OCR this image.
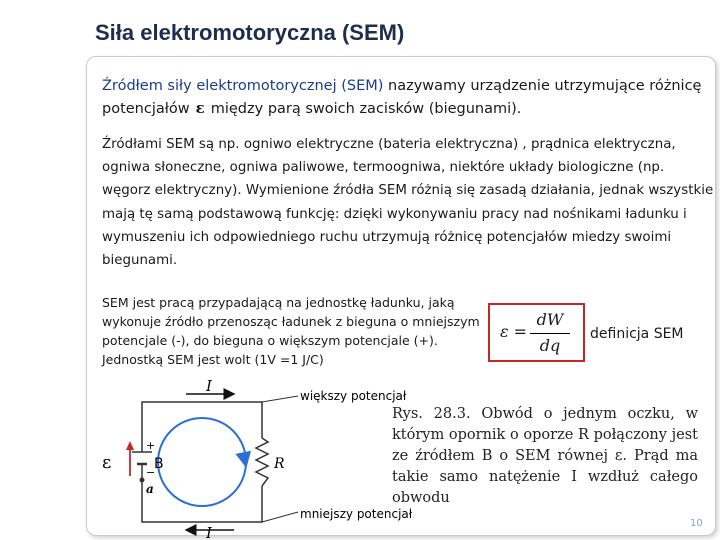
Siła elektromotoryczna (SEM)
Źródłem siły elektromotorycznej (SEM) nazywamy urządzenie utrzymujące różnicę potencjałów ε między parą swoich zacisków (biegunami).
Źródłami SEM są np. ogniwo elektryczne (bateria elektryczna) , prądnica elektryczna, ogniwa słoneczne, ogniwa paliwowe, termoogniwa, niektóre układy biologiczne (np. węgorz elektryczny). Wymienione źródła SEM różnią się zasadą działania, jednak wszystkie mają tę samą podstawową funkcję: dzięki wykonywaniu pracy nad nośnikami ładunku i wymuszeniu ich odpowiedniego ruchu utrzymują różnicę potencjałów miedzy swoimi biegunami.
SEM jest pracą przypadającą na jednostkę ładunku, jaką wykonuje źródło przenosząc ładunek z bieguna o mniejszym potencjale (-), do bieguna o większym potencjale (+). Jednostką SEM jest wolt (1V =1 J/C)
ε =
dW
dq
definicja SEM
I
I
większy potencjał
mniejszy potencjał
ε	B	R
a
+
−
Rys. 28.3. Obwód o jednym oczku, w którym opornik o oporze R połączony jest ze źródłem B o SEM równej ε. Prąd ma takie samo natężenie I wzdłuż całego obwodu
10
